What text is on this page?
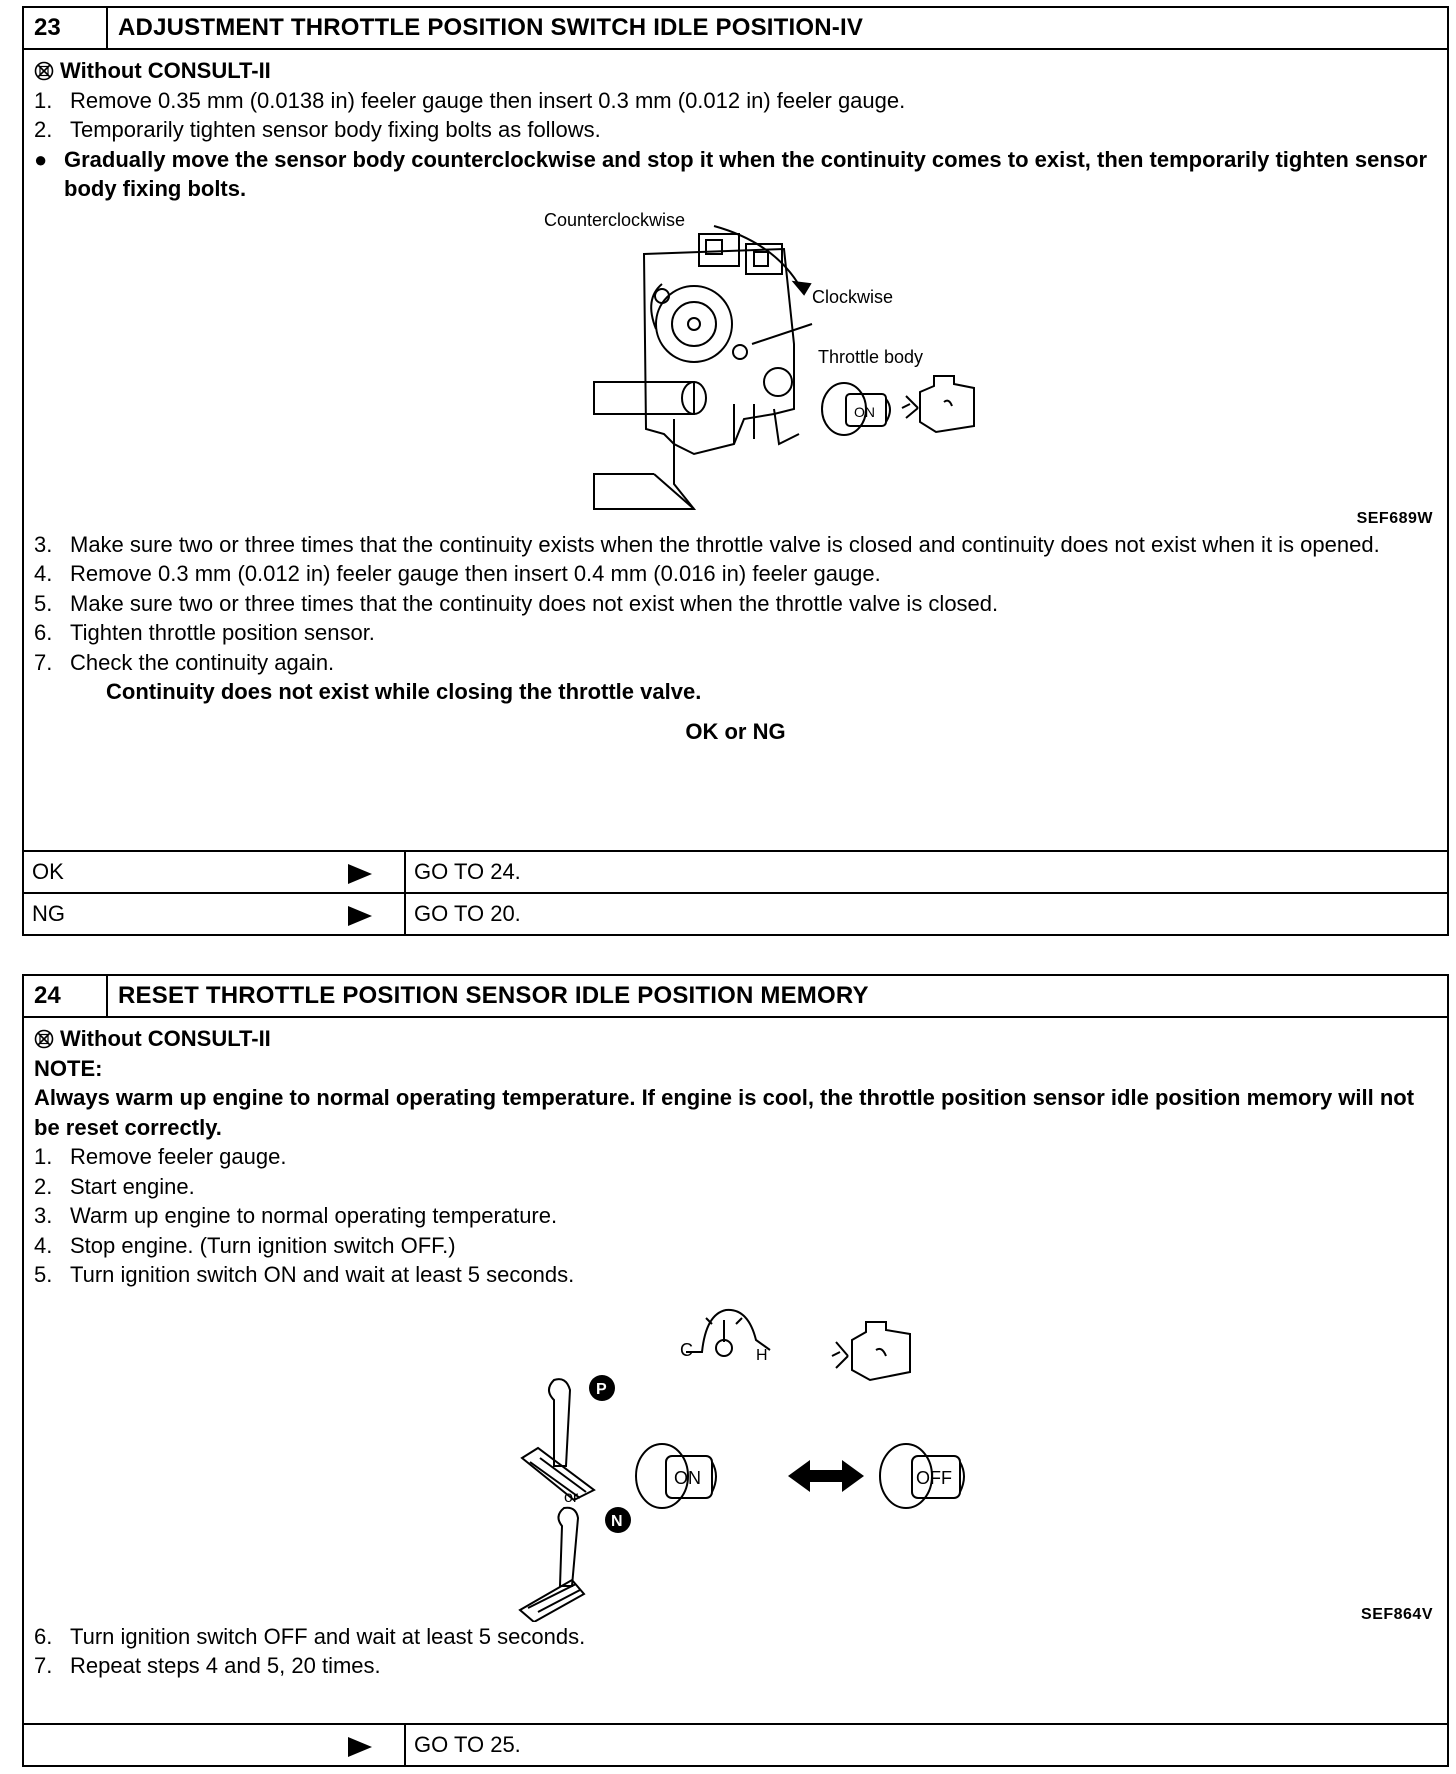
23	ADJUSTMENT THROTTLE POSITION SWITCH IDLE POSITION-IV
Without CONSULT-II
1. Remove 0.35 mm (0.0138 in) feeler gauge then insert 0.3 mm (0.012 in) feeler gauge.
2. Temporarily tighten sensor body fixing bolts as follows.
● Gradually move the sensor body counterclockwise and stop it when the continuity comes to exist, then temporarily tighten sensor body fixing bolts.
Counterclockwise
Clockwise
Throttle body
ON
SEF689W
3. Make sure two or three times that the continuity exists when the throttle valve is closed and continuity does not exist when it is opened.
4. Remove 0.3 mm (0.012 in) feeler gauge then insert 0.4 mm (0.016 in) feeler gauge.
5. Make sure two or three times that the continuity does not exist when the throttle valve is closed.
6. Tighten throttle position sensor.
7. Check the continuity again.
Continuity does not exist while closing the throttle valve.
OK or NG
OK	GO TO 24.
NG	GO TO 20.
24	RESET THROTTLE POSITION SENSOR IDLE POSITION MEMORY
Without CONSULT-II
NOTE:
Always warm up engine to normal operating temperature. If engine is cool, the throttle position sensor idle position memory will not be reset correctly.
1. Remove feeler gauge.
2. Start engine.
3. Warm up engine to normal operating temperature.
4. Stop engine. (Turn ignition switch OFF.)
5. Turn ignition switch ON and wait at least 5 seconds.
C	H
P
N
or
ON	OFF
SEF864V
6. Turn ignition switch OFF and wait at least 5 seconds.
7. Repeat steps 4 and 5, 20 times.
GO TO 25.
